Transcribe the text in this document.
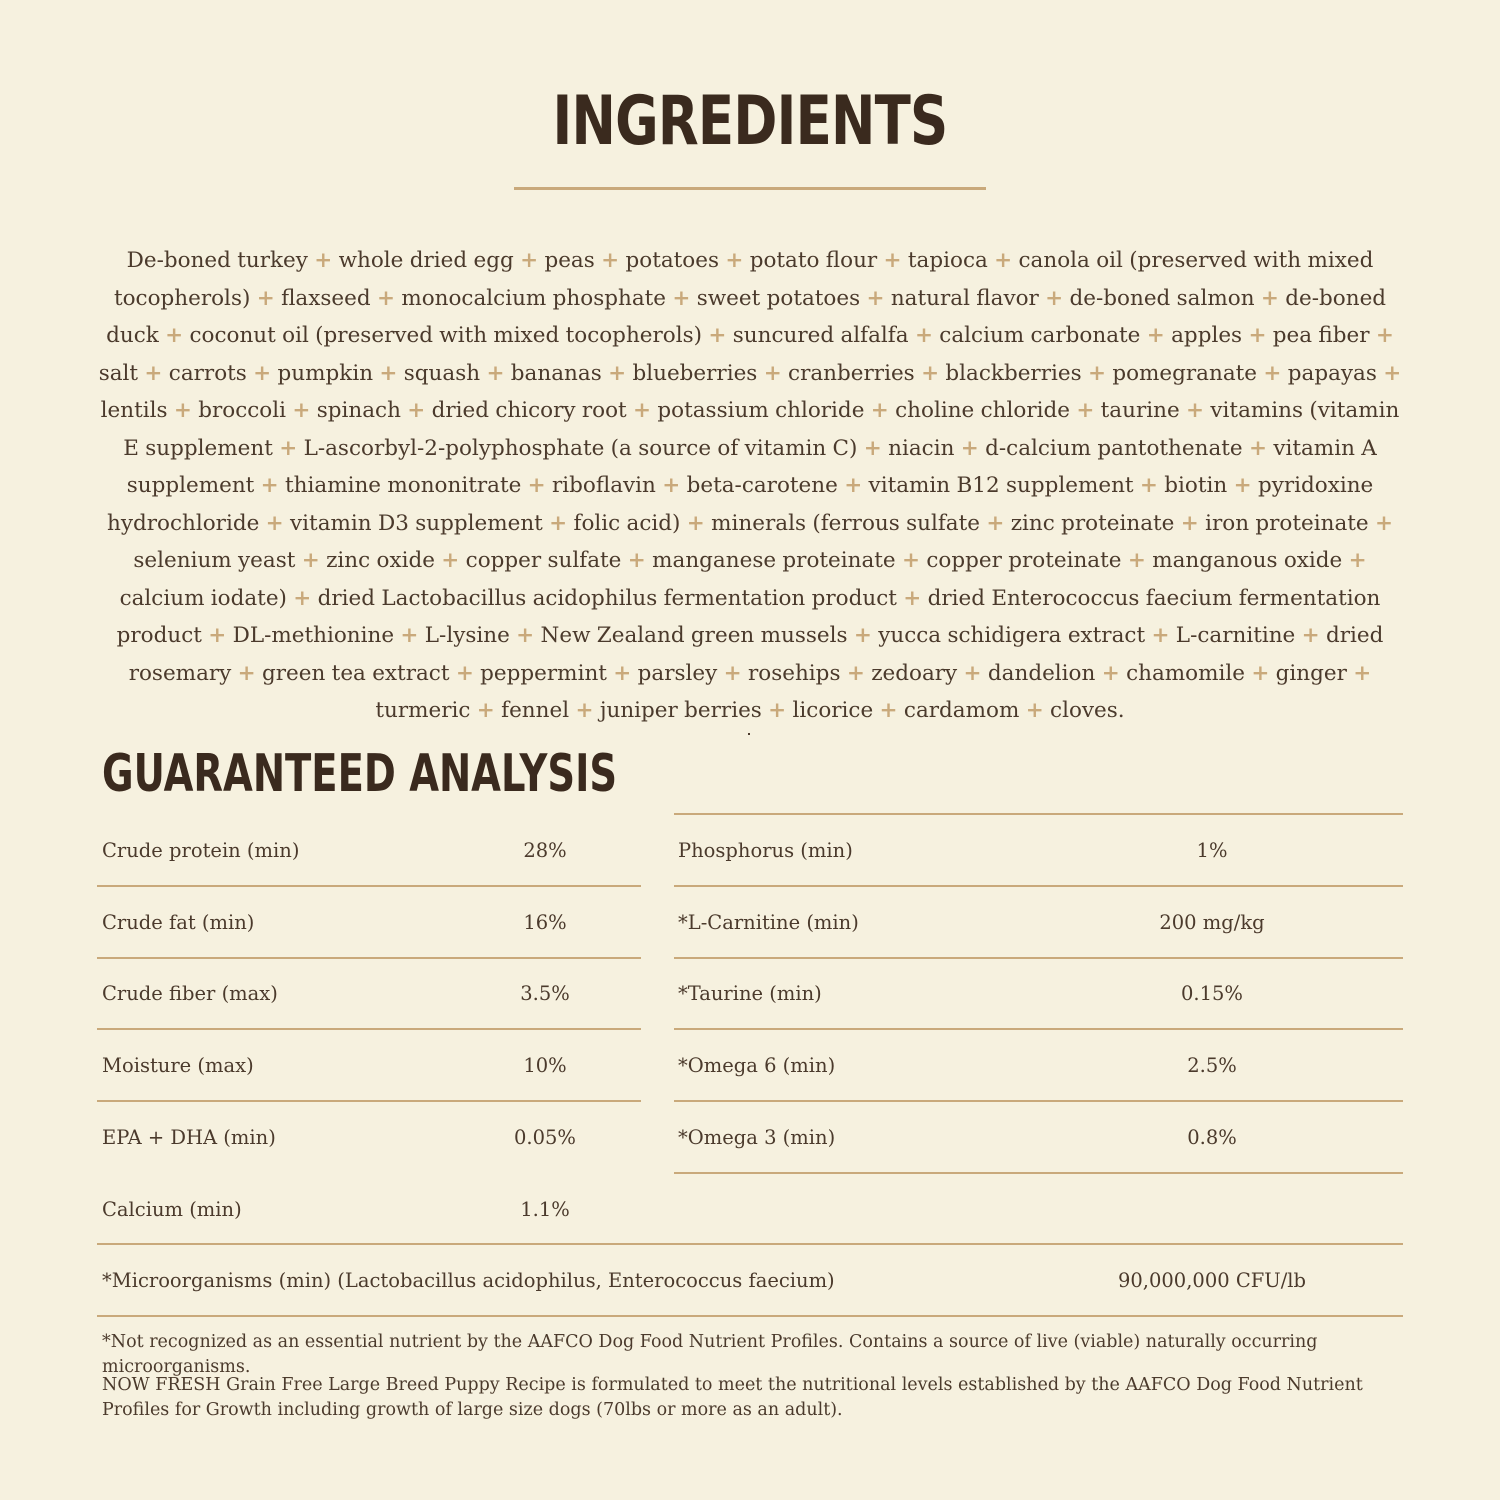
INGREDIENTS
De-boned turkey + whole dried egg + peas + potatoes + potato flour + tapioca + canola oil (preserved with mixed tocopherols) + flaxseed + monocalcium phosphate + sweet potatoes + natural flavor + de-boned salmon + de-boned duck + coconut oil (preserved with mixed tocopherols) + suncured alfalfa + calcium carbonate + apples + pea fiber + salt + carrots + pumpkin + squash + bananas + blueberries + cranberries + blackberries + pomegranate + papayas + lentils + broccoli + spinach + dried chicory root + potassium chloride + choline chloride + taurine + vitamins (vitamin E supplement + L-ascorbyl-2-polyphosphate (a source of vitamin C) + niacin + d-calcium pantothenate + vitamin A supplement + thiamine mononitrate + riboflavin + beta-carotene + vitamin B12 supplement + biotin + pyridoxine hydrochloride + vitamin D3 supplement + folic acid) + minerals (ferrous sulfate + zinc proteinate + iron proteinate + selenium yeast + zinc oxide + copper sulfate + manganese proteinate + copper proteinate + manganous oxide + calcium iodate) + dried Lactobacillus acidophilus fermentation product + dried Enterococcus faecium fermentation product + DL-methionine + L-lysine + New Zealand green mussels + yucca schidigera extract + L-carnitine + dried rosemary + green tea extract + peppermint + parsley + rosehips + zedoary + dandelion + chamomile + ginger + turmeric + fennel + juniper berries + licorice + cardamom + cloves.
GUARANTEED ANALYSIS
Crude protein (min)	28%
Crude fat (min)	16%
Crude fiber (max)	3.5%
Moisture (max)	10%
EPA + DHA (min)	0.05%
Calcium (min)	1.1%
Phosphorus (min)	1%
*L-Carnitine (min)	200 mg/kg
*Taurine (min)	0.15%
*Omega 6 (min)	2.5%
*Omega 3 (min)	0.8%
*Microorganisms (min) (Lactobacillus acidophilus, Enterococcus faecium)	90,000,000 CFU/lb
*Not recognized as an essential nutrient by the AAFCO Dog Food Nutrient Profiles. Contains a source of live (viable) naturally occurring microorganisms.
NOW FRESH Grain Free Large Breed Puppy Recipe is formulated to meet the nutritional levels established by the AAFCO Dog Food Nutrient Profiles for Growth including growth of large size dogs (70lbs or more as an adult).
